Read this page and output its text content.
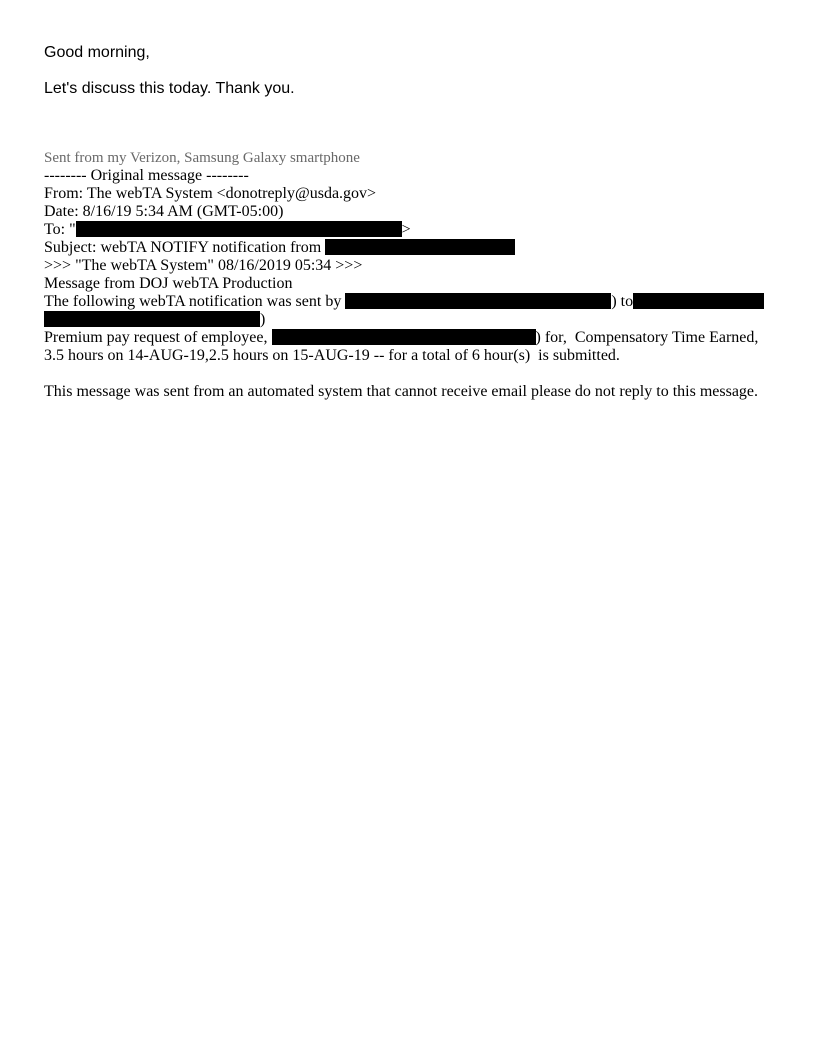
Good morning,

Let's discuss this today. Thank you.

Sent from my Verizon, Samsung Galaxy smartphone

-------- Original message --------
From: The webTA System <donotreply@usda.gov>
Date: 8/16/19 5:34 AM (GMT-05:00)
To: "	>
Subject: webTA NOTIFY notification from
>>> "The webTA System" 08/16/2019 05:34 >>>
Message from DOJ webTA Production
The following webTA notification was sent by	) to
)
Premium pay request of employee,	) for,  Compensatory Time Earned,
3.5 hours on 14-AUG-19,2.5 hours on 15-AUG-19 -- for a total of 6 hour(s)  is submitted.

This message was sent from an automated system that cannot receive email please do not reply to this message.
